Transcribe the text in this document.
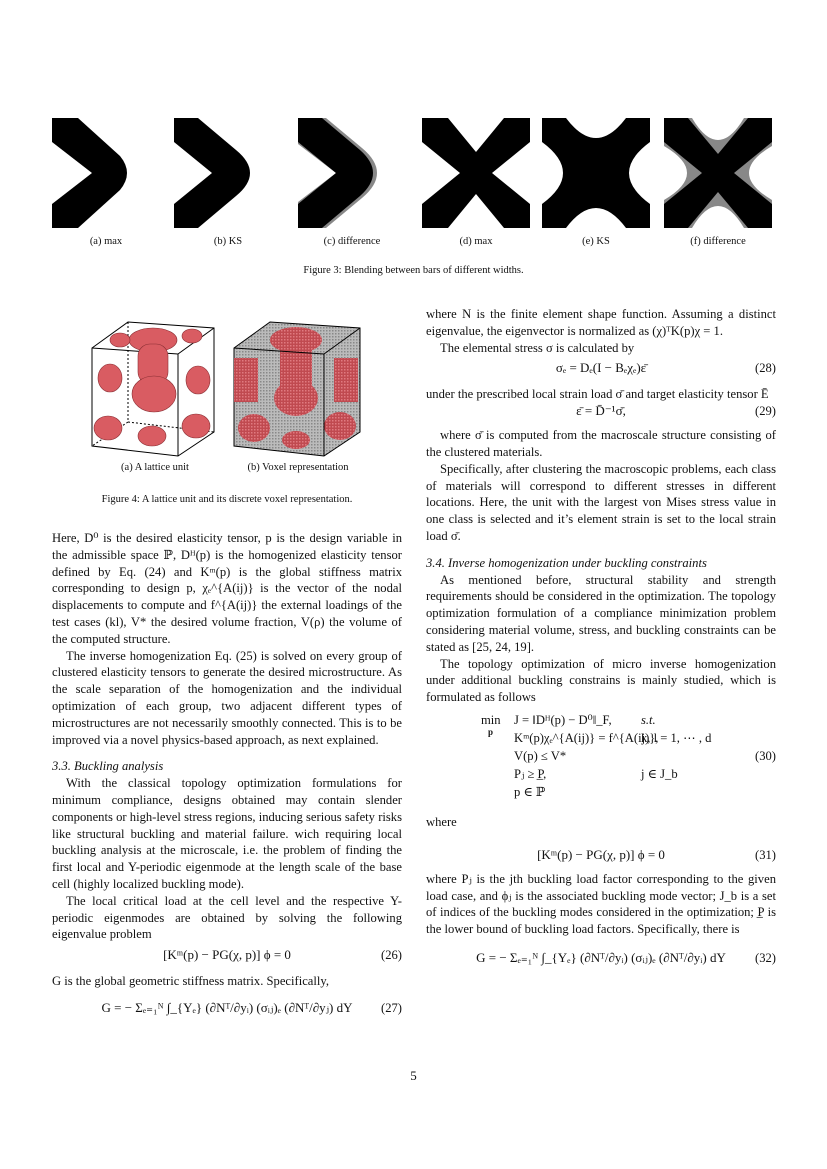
(a) max	(b) KS	(c) difference	(d) max	(e) KS	(f) difference
Figure 3: Blending between bars of different widths.
(a) A lattice unit	(b) Voxel representation
Figure 4: A lattice unit and its discrete voxel representation.

Here, D⁰ is the desired elasticity tensor, p is the design variable in the admissible space ℙ, Dᴴ(p) is the homogenized elasticity tensor defined by Eq. (24) and Kᵐ(p) is the global stiffness matrix corresponding to design p, χₑ^{A(ij)} is the vector of the nodal displacements to compute and f^{A(ij)} the external loadings of the test cases (kl), V* the desired volume fraction, V(ρ) the volume of the computed structure.

The inverse homogenization Eq. (25) is solved on every group of clustered elasticity tensors to generate the desired microstructure. As the scale separation of the homogenization and the individual optimization of each group, two adjacent different types of microstructures are not necessarily smoothly connected. This is to be improved via a novel physics-based approach, as next explained.

3.3. Buckling analysis

With the classical topology optimization formulations for minimum compliance, designs obtained may contain slender components or high-level stress regions, inducing serious safety risks like structural buckling and material failure. wich requiring local buckling analysis at the microscale, i.e. the problem of finding the first local and Y-periodic eigenmode at the length scale of the base cell (highly localized buckling mode).

The local critical load at the cell level and the respective Y-periodic eigenmodes are obtained by solving the following eigenvalue problem

[Kᵐ(p) − PG(χ, p)] ϕ = 0	(26)

G is the global geometric stiffness matrix. Specifically,

G = − Σₑ₌₁ᴺ ∫_{Yₑ} (∂Nᵀ/∂yᵢ) (σᵢⱼ)ₑ (∂Nᵀ/∂yⱼ) dY	(27)

where N is the finite element shape function. Assuming a distinct eigenvalue, the eigenvector is normalized as (χ)ᵀK(p)χ = 1.

The elemental stress σ is calculated by

σₑ = Dₑ(I − Bₑχₑ)ε̄	(28)

under the prescribed local strain load σ̄ and target elasticity tensor Ē

ε̄ = D̄⁻¹σ̄,	(29)

where σ̄ is computed from the macroscale structure consisting of the clustered materials.

Specifically, after clustering the macroscopic problems, each class of materials will correspond to different stresses in different locations. Here, the unit with the largest von Mises stress value in one class is selected and it’s element strain is set to the local strain load σ̄.

3.4. Inverse homogenization under buckling constraints

As mentioned before, structural stability and strength requirements should be considered in the optimization. The topology optimization formulation of a compliance minimization problem considering material volume, stress, and buckling constraints can be stated as [25, 24, 19].

The topology optimization of micro inverse homogenization under additional buckling constrains is mainly studied, which is formulated as follows

min
p
J = ‖Dᴴ(p) − D⁰‖_F, s.t.
Kᵐ(p)χₑ^{A(ij)} = f^{A(ij)},
k, l = 1, ⋯ , d
V(p) ≤ V*
Pⱼ ≥ P̲,	j ∈ J_b
p ∈ ℙ
(30)

where

[Kᵐ(p) − PG(χ, p)] ϕ = 0	(31)

where Pⱼ is the jth buckling load factor corresponding to the given load case, and ϕⱼ is the associated buckling mode vector; J_b is a set of indices of the buckling modes considered in the optimization; P̲ is the lower bound of buckling load factors. Specifically, there is

G = − Σₑ₌₁ᴺ ∫_{Yₑ} (∂Nᵀ/∂yᵢ) (σᵢⱼ)ₑ (∂Nᵀ/∂yᵢ) dY	(32)
5
